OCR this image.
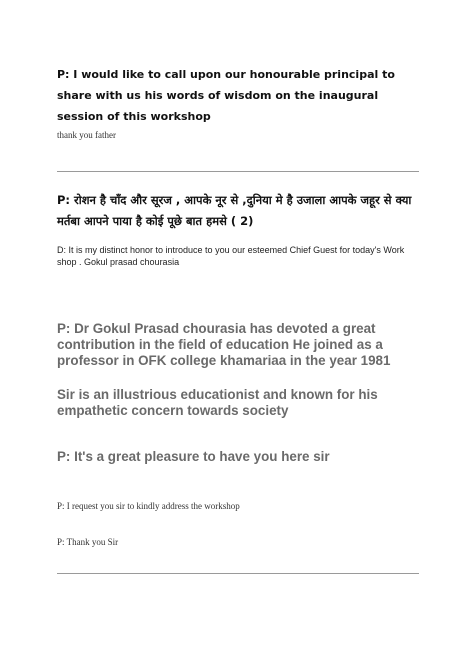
P: I would like to call upon our honourable principal to share with us his words of wisdom on the inaugural session of this workshop
thank you father
P: रोशन है चाँद और सूरज , आपके नूर से ,दुनिया मे है उजाला आपके जहूर से क्या मर्तबा आपने पाया है कोई पूछे बात हमसे ( 2)
D: It is my distinct honor to introduce to you our esteemed Chief Guest for today's Work shop . Gokul prasad chourasia
P: Dr Gokul Prasad chourasia has devoted a great contribution in the field of education He joined as a professor in OFK college khamariaa in the year 1981
Sir is an illustrious educationist and known for his empathetic concern towards society
P: It's a great pleasure to have you here sir
P: I request you sir to kindly address the workshop
P: Thank you Sir
